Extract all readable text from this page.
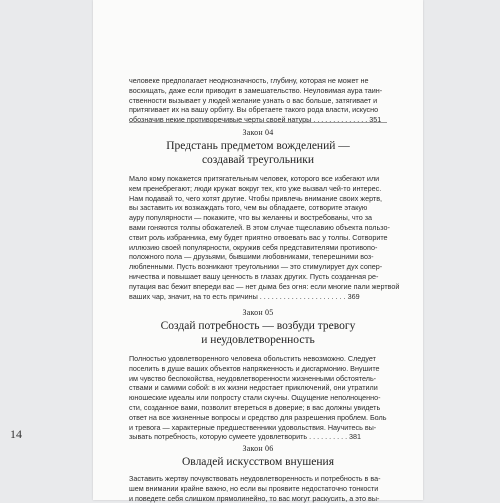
человеке предполагает неоднозначность, глубину, которая не может не
восхищать, даже если приводит в замешательство. Неуловимая аура таин-
ственности вызывает у людей желание узнать о вас больше, затягивает и
притягивает их на вашу орбиту. Вы обретаете такого рода власти, искусно
обозначив некие противоречивые черты своей натуры . . . . . . . . . . . . . . 351
Закон 04
Предстань предметом вожделений —
создавай треугольники
Мало кому покажется притягательным человек, которого все избегают или
кем пренебрегают; люди кружат вокруг тех, кто уже вызвал чей-то интерес.
Нам подавай то, чего хотят другие. Чтобы привлечь внимание своих жертв,
вы заставить их возжаждать того, чем вы обладаете, сотворите этакую
ауру популярности — покажите, что вы желанны и востребованы, что за
вами гоняются толпы обожателей. В этом случае тщеславию объекта пользо-
ствит роль избранника, ему будет приятно отвоевать вас у толпы. Сотворите
иллюзию своей популярности, окружив себя представителями противопо-
положного пола — друзьями, бывшими любовниками, теперешними воз-
любленными. Пусть возникают треугольники — это стимулирует дух сопер-
ничества и повышает вашу ценность в глазах других. Пусть созданная ре-
путация вас бежит впереди вас — нет дыма без огня: если многие пали жертвой
ваших чар, значит, на то есть причины . . . . . . . . . . . . . . . . . . . . . . 369
Закон 05
Создай потребность — возбуди тревогу
и неудовлетворенность
Полностью удовлетворенного человека обольстить невозможно. Следует
поселить в душе ваших объектов напряженность и дисгармонию. Внушите
им чувство беспокойства, неудовлетворенности жизненными обстоятель-
ствами и самими собой: в их жизни недостает приключений, они утратили
юношеские идеалы или попросту стали скучны. Ощущение неполноценно-
сти, созданное вами, позволит втереться в доверие; в вас должны увидеть
ответ на все жизненные вопросы и средство для разрешения проблем. Боль
и тревога — характерные предшественники удовольствия. Научитесь вы-
зывать потребность, которую сумеете удовлетворить . . . . . . . . . . 381
Закон 06
Овладей искусством внушения
Заставить жертву почувствовать неудовлетворенность и потребность в ва-
шем внимании крайне важно, но если вы проявите недостаточно тонкости
и поведете себя слишком прямолинейно, то вас могут раскусить, а это вы-
14
